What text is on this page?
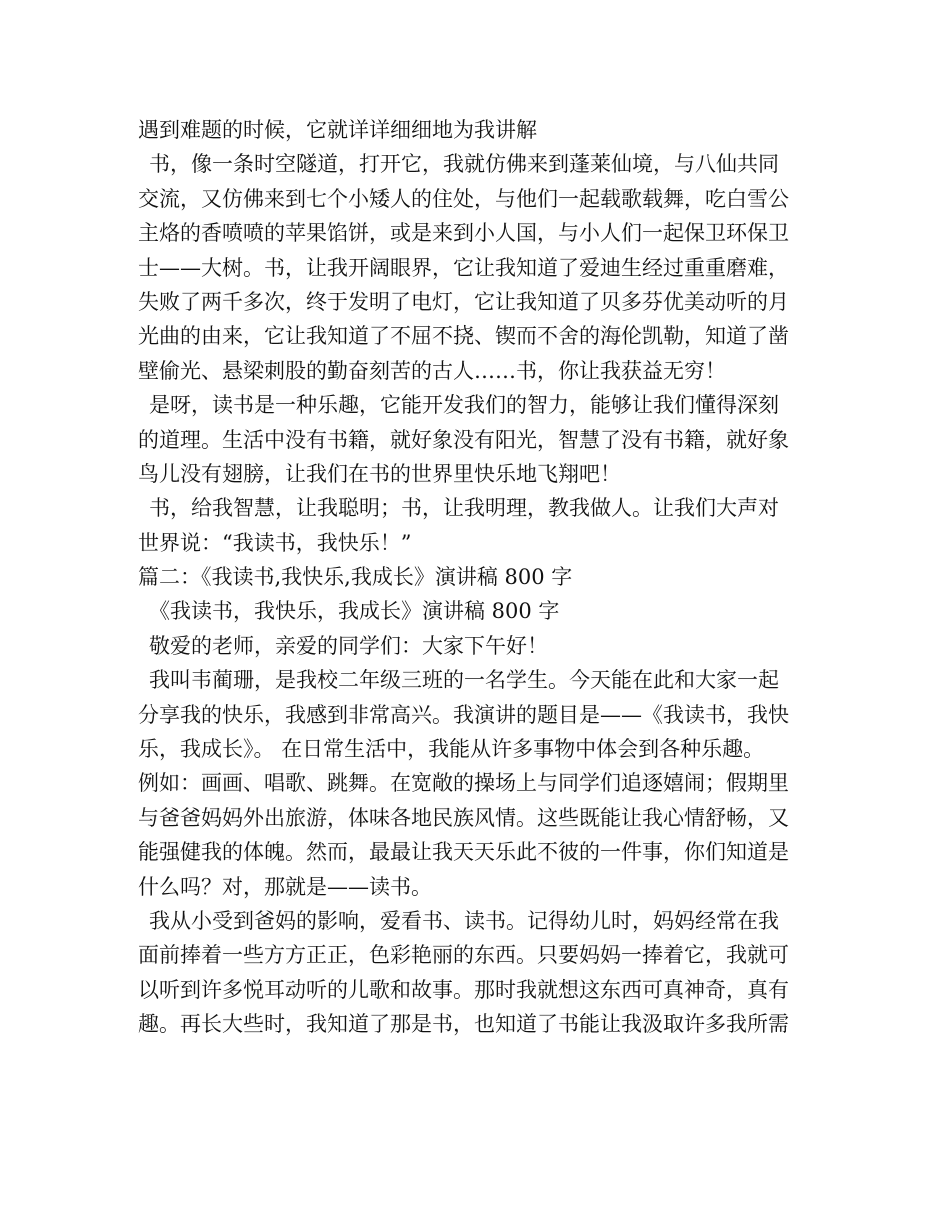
遇到难题的时候，它就详详细细地为我讲解
书，像一条时空隧道，打开它，我就仿佛来到蓬莱仙境，与八仙共同
交流，又仿佛来到七个小矮人的住处，与他们一起载歌载舞，吃白雪公
主烙的香喷喷的苹果馅饼，或是来到小人国，与小人们一起保卫环保卫
士——大树。书，让我开阔眼界，它让我知道了爱迪生经过重重磨难，
失败了两千多次，终于发明了电灯，它让我知道了贝多芬优美动听的月
光曲的由来，它让我知道了不屈不挠、锲而不舍的海伦凯勒，知道了凿
壁偷光、悬梁刺股的勤奋刻苦的古人……书，你让我获益无穷！
是呀，读书是一种乐趣，它能开发我们的智力，能够让我们懂得深刻
的道理。生活中没有书籍，就好象没有阳光，智慧了没有书籍，就好象
鸟儿没有翅膀，让我们在书的世界里快乐地飞翔吧！
书，给我智慧，让我聪明；书，让我明理，教我做人。让我们大声对
世界说：“我读书，我快乐！”
篇二：《我读书,我快乐,我成长》演讲稿 800 字
《我读书，我快乐，我成长》演讲稿 800 字
敬爱的老师，亲爱的同学们：大家下午好！
我叫韦蔺珊，是我校二年级三班的一名学生。今天能在此和大家一起
分享我的快乐，我感到非常高兴。我演讲的题目是——《我读书，我快
乐，我成长》。 在日常生活中，我能从许多事物中体会到各种乐趣。
例如：画画、唱歌、跳舞。在宽敞的操场上与同学们追逐嬉闹；假期里
与爸爸妈妈外出旅游，体味各地民族风情。这些既能让我心情舒畅，又
能强健我的体魄。然而，最最让我天天乐此不彼的一件事，你们知道是
什么吗？对，那就是——读书。
我从小受到爸妈的影响，爱看书、读书。记得幼儿时，妈妈经常在我
面前捧着一些方方正正，色彩艳丽的东西。只要妈妈一捧着它，我就可
以听到许多悦耳动听的儿歌和故事。那时我就想这东西可真神奇，真有
趣。再长大些时，我知道了那是书，也知道了书能让我汲取许多我所需
